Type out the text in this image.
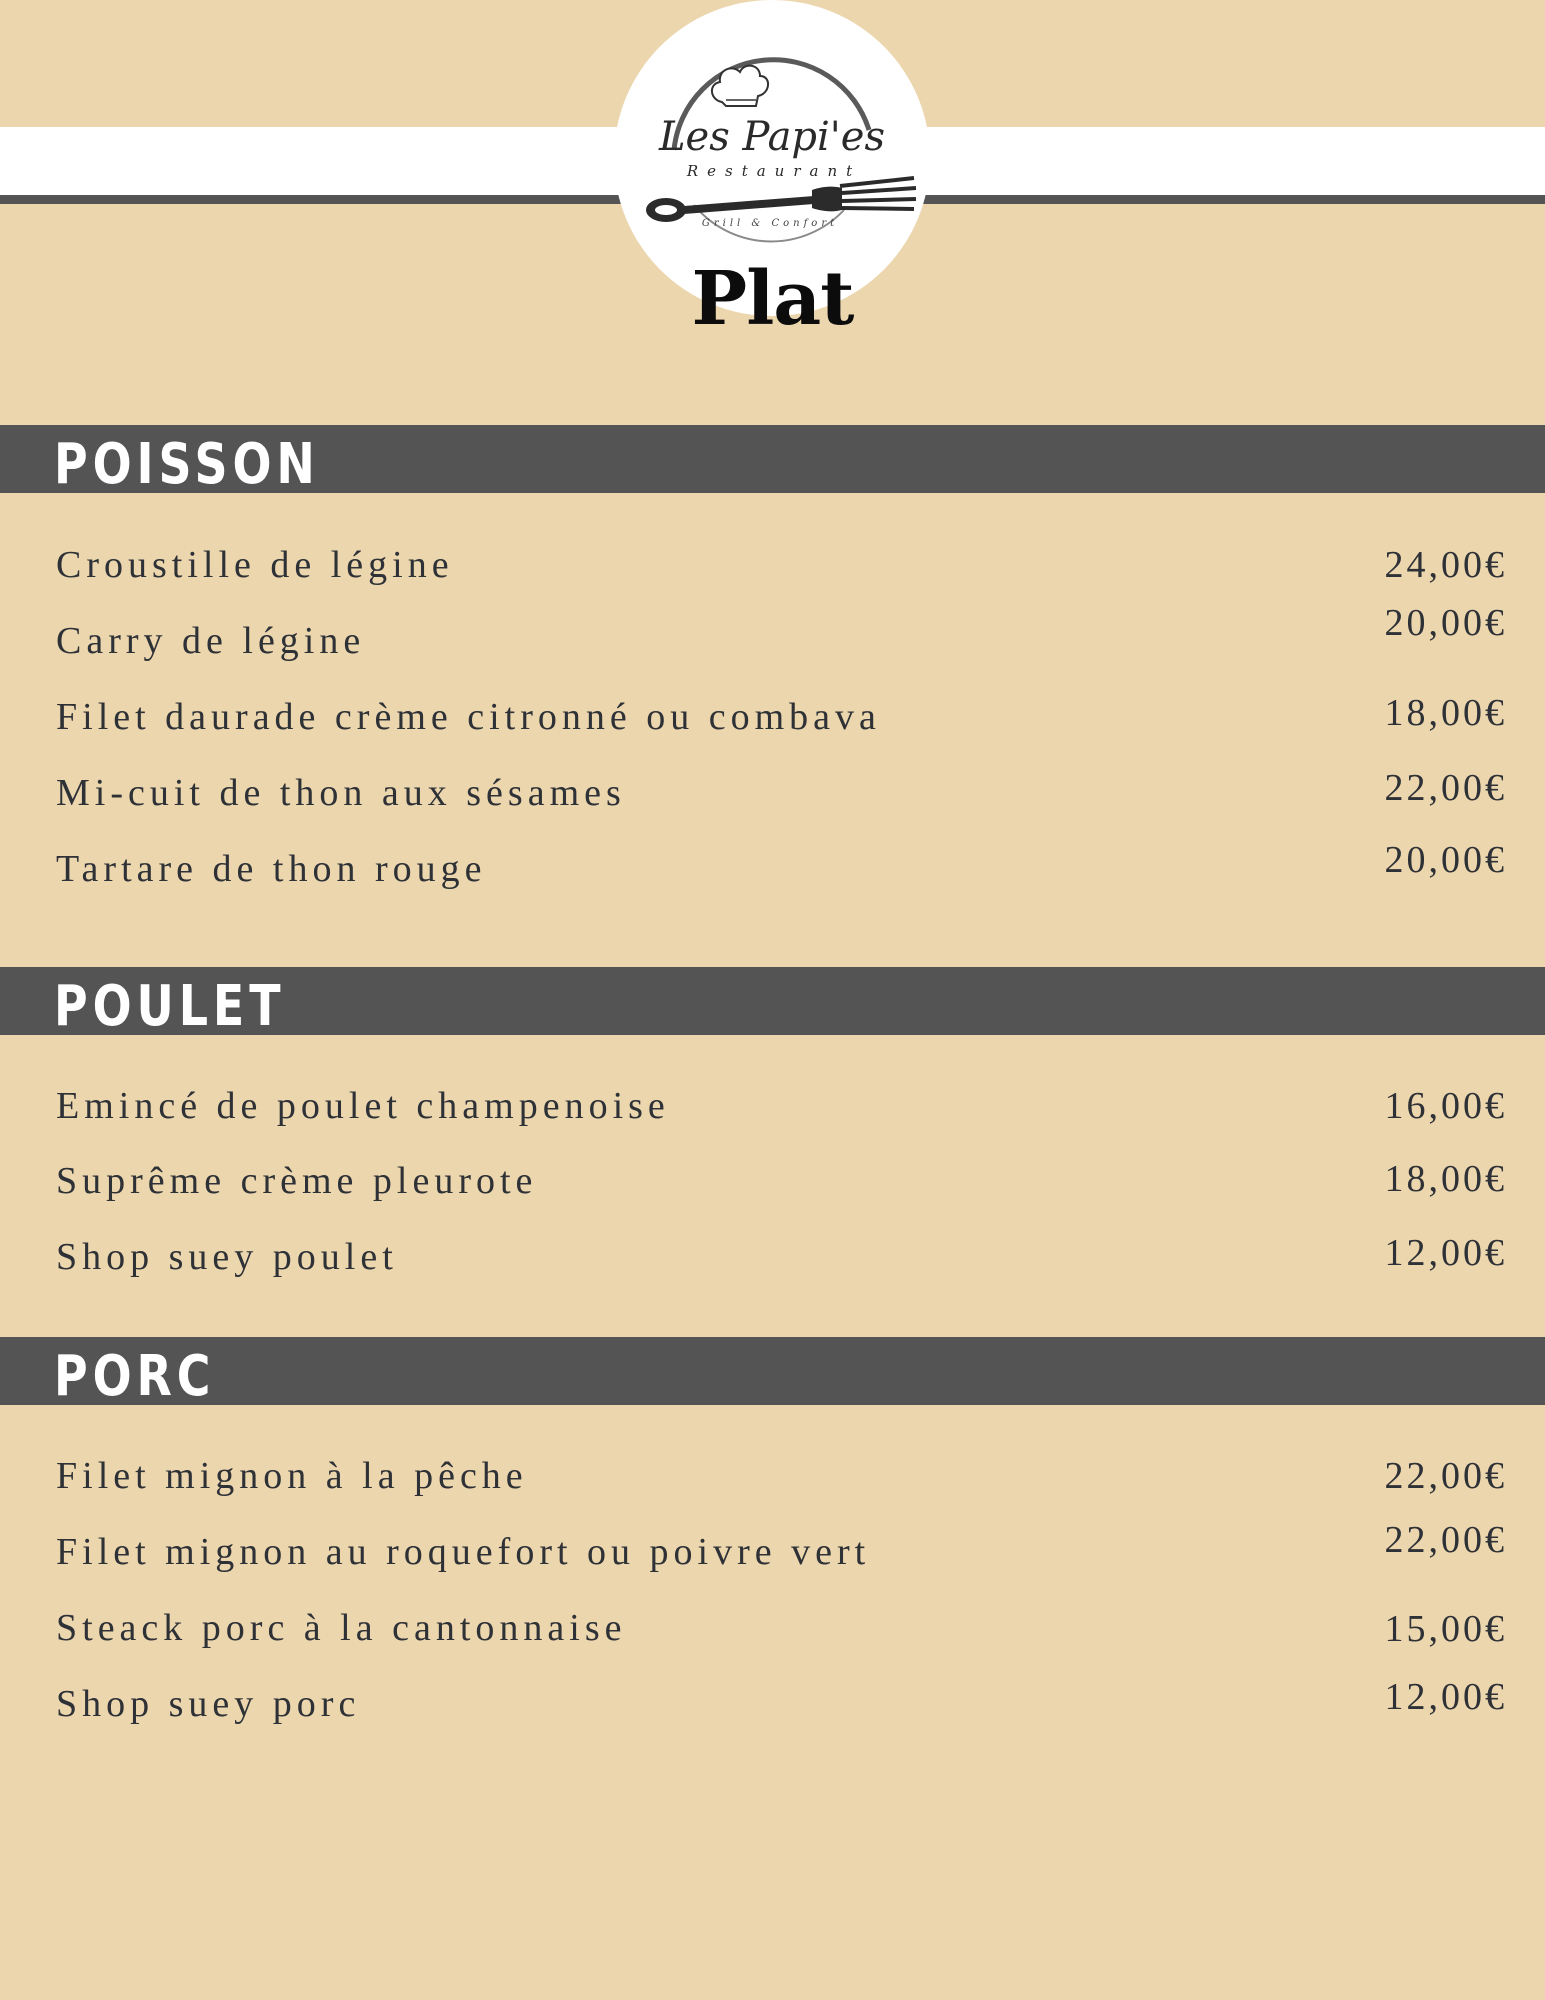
Les Papi'es
Restaurant
Grill & Confort
Plat
POISSON
Croustille de légine	24,00€
Carry de légine	20,00€
Filet daurade crème citronné ou combava	18,00€
Mi-cuit de thon aux sésames	22,00€
Tartare de thon rouge	20,00€
POULET
Emincé de poulet champenoise	16,00€
Suprême crème pleurote	18,00€
Shop suey poulet	12,00€
PORC
Filet mignon à la pêche	22,00€
Filet mignon au roquefort ou poivre vert	22,00€
Steack porc à la cantonnaise	15,00€
Shop suey porc	12,00€
